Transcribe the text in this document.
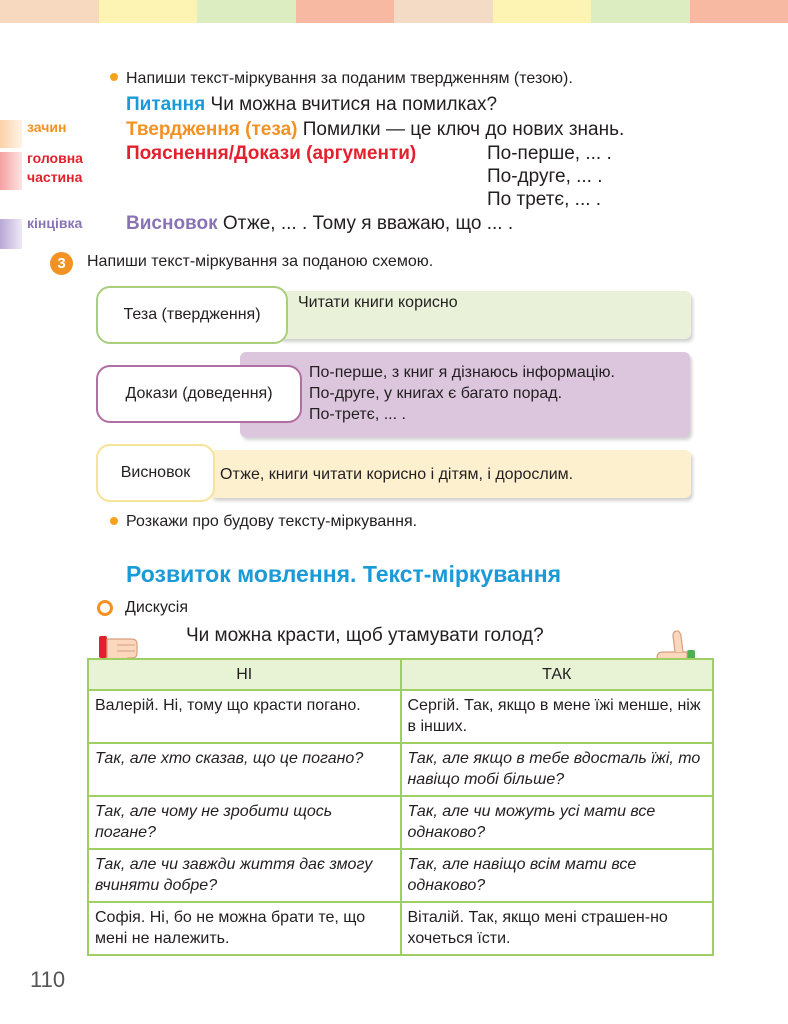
Напиши текст-міркування за поданим твердженням (тезою).
зачин
головна
частина
кінцівка
Питання Чи можна вчитися на помилках?
Твердження (теза) Помилки — це ключ до нових знань.
Пояснення/Докази (аргументи)	По-перше, ... .
По-друге, ... .
По третє, ... .
Висновок Отже, ... . Тому я вважаю, що ... .
3	Напиши текст-міркування за поданою схемою.
Читати книги корисно
Теза (твердження)
По-перше, з книг я дізнаюсь інформацію.
По-друге, у книгах є багато порад.
По-третє, ... .
Докази (доведення)
Отже, книги читати корисно і дітям, і дорослим.
Висновок
Розкажи про будову тексту-міркування.
Розвиток мовлення. Текст-міркування
Дискусія
Чи можна красти, щоб утамувати голод?
НІ	ТАК
Валерій. Ні, тому що красти погано.	Сергій. Так, якщо в мене їжі менше, ніж в інших.
Так, але хто сказав, що це погано?	Так, але якщо в тебе вдосталь їжі, то навіщо тобі більше?
Так, але чому не зробити щось погане?	Так, але чи можуть усі мати все однаково?
Так, але чи завжди життя дає змогу вчиняти добре?	Так, але навіщо всім мати все однаково?
Софія. Ні, бо не можна брати те, що мені не належить.	Віталій. Так, якщо мені страшен-но хочеться їсти.
110
